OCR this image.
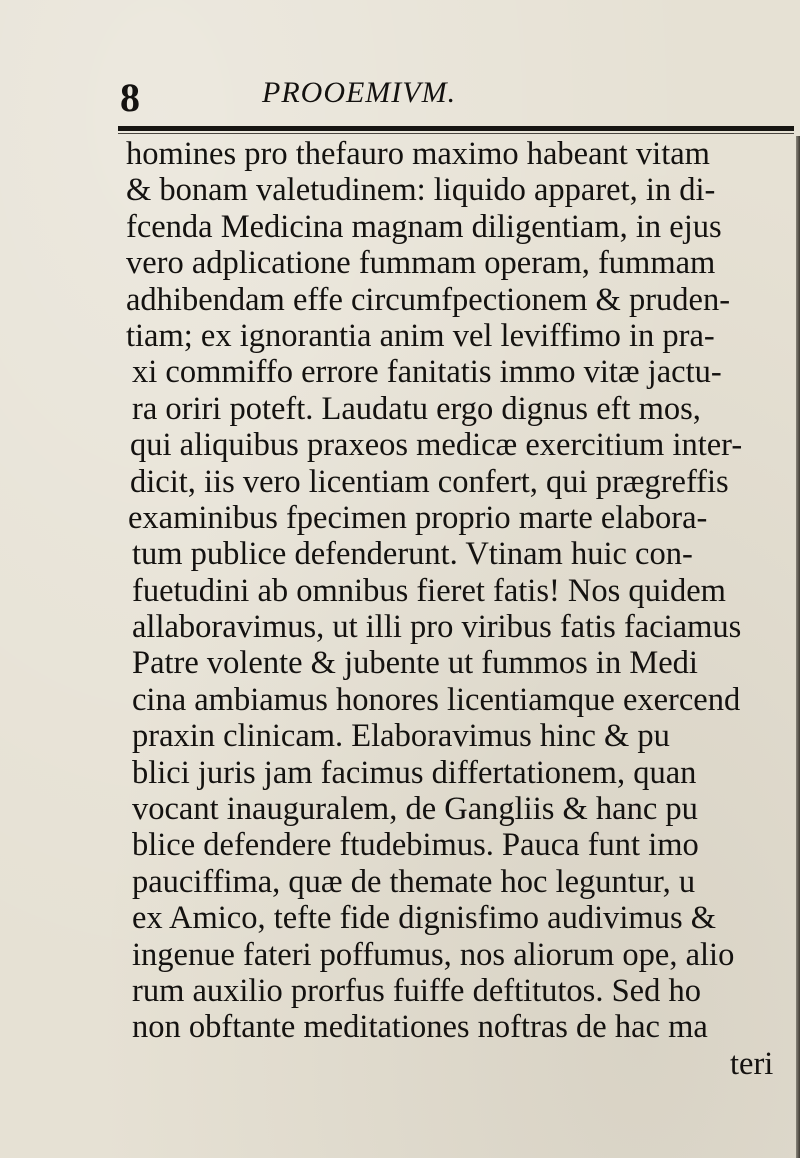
8	PROOEMIVM.
homines pro thefauro maximo habeant vitam
& bonam valetudinem: liquido apparet, in di-
fcenda Medicina magnam diligentiam, in ejus
vero adplicatione fummam operam, fummam
adhibendam effe circumfpectionem & pruden-
tiam; ex ignorantia anim vel leviffimo in pra-
xi commiffo errore fanitatis immo vitæ jactu-
ra oriri poteft. Laudatu ergo dignus eft mos,
qui aliquibus praxeos medicæ exercitium inter-
dicit, iis vero licentiam confert, qui prægreffis
examinibus fpecimen proprio marte elabora-
tum publice defenderunt. Vtinam huic con-
fuetudini ab omnibus fieret fatis! Nos quidem
allaboravimus, ut illi pro viribus fatis faciamus
Patre volente & jubente ut fummos in Medi
cina ambiamus honores licentiamque exercend
praxin clinicam. Elaboravimus hinc & pu
blici juris jam facimus differtationem, quan
vocant inauguralem, de Gangliis & hanc pu
blice defendere ftudebimus. Pauca funt imo
pauciffima, quæ de themate hoc leguntur, u
ex Amico, tefte fide dignisfimo audivimus &
ingenue fateri poffumus, nos aliorum ope, alio
rum auxilio prorfus fuiffe deftitutos. Sed ho
non obftante meditationes noftras de hac ma
teri
